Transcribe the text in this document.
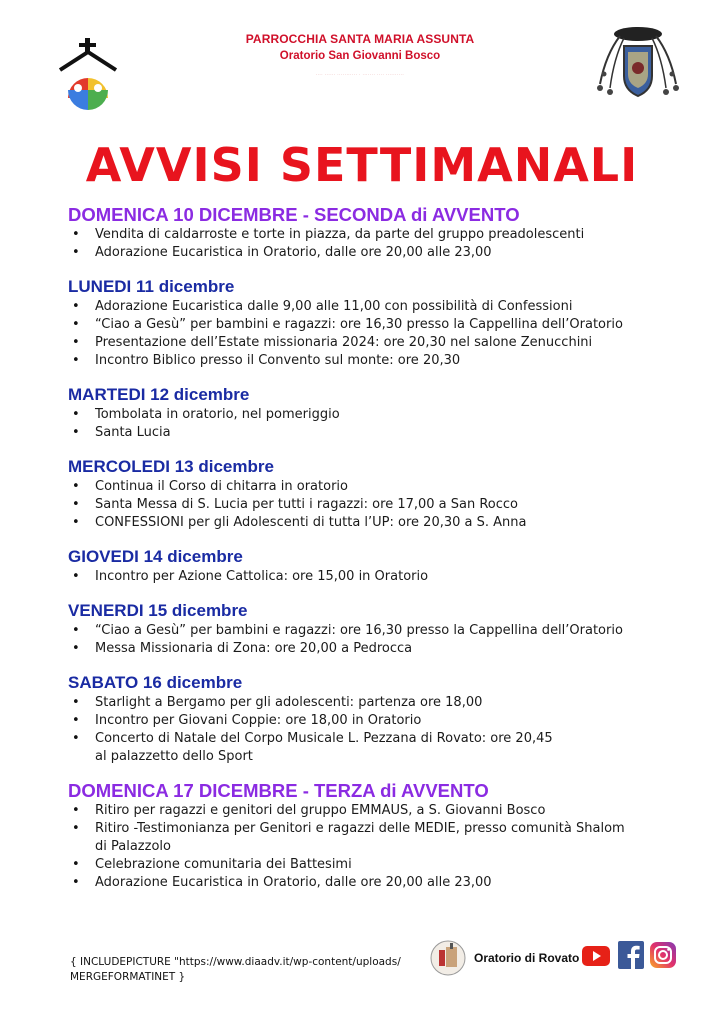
PARROCCHIA SANTA MARIA ASSUNTA
Oratorio San Giovanni Bosco
···· ······ ··········· · ······· ···· ··········
AVVISI SETTIMANALI
DOMENICA 10 DICEMBRE - SECONDA di AVVENTO
• Vendita di caldarroste e torte in piazza, da parte del gruppo preadolescenti
• Adorazione Eucaristica in Oratorio, dalle ore 20,00 alle 23,00
LUNEDI 11 dicembre
• Adorazione Eucaristica dalle 9,00 alle 11,00 con possibilità di Confessioni
• “Ciao a Gesù” per bambini e ragazzi: ore 16,30 presso la Cappellina dell’Oratorio
• Presentazione dell’Estate missionaria 2024: ore 20,30 nel salone Zenucchini
• Incontro Biblico presso il Convento sul monte: ore 20,30
MARTEDI 12 dicembre
• Tombolata in oratorio, nel pomeriggio
• Santa Lucia
MERCOLEDI 13 dicembre
• Continua il Corso di chitarra in oratorio
• Santa Messa di S. Lucia per tutti i ragazzi: ore 17,00 a San Rocco
• CONFESSIONI per gli Adolescenti di tutta l’UP: ore 20,30 a S. Anna
GIOVEDI 14 dicembre
• Incontro per Azione Cattolica: ore 15,00 in Oratorio
VENERDI 15 dicembre
• “Ciao a Gesù” per bambini e ragazzi: ore 16,30 presso la Cappellina dell’Oratorio
• Messa Missionaria di Zona: ore 20,00 a Pedrocca
SABATO 16 dicembre
• Starlight a Bergamo per gli adolescenti: partenza ore 18,00
• Incontro per Giovani Coppie: ore 18,00 in Oratorio
• Concerto di Natale del Corpo Musicale L. Pezzana di Rovato: ore 20,45 al palazzetto dello Sport
DOMENICA 17 DICEMBRE - TERZA di AVVENTO
• Ritiro per ragazzi e genitori del gruppo EMMAUS, a S. Giovanni Bosco
• Ritiro -Testimonianza per Genitori e ragazzi delle MEDIE, presso comunità Shalom di Palazzolo
• Celebrazione comunitaria dei Battesimi
• Adorazione Eucaristica in Oratorio, dalle ore 20,00 alle 23,00
{ INCLUDEPICTURE "https://www.diaadv.it/wp-content/uploads/ MERGEFORMATINET }
Oratorio di Rovato
